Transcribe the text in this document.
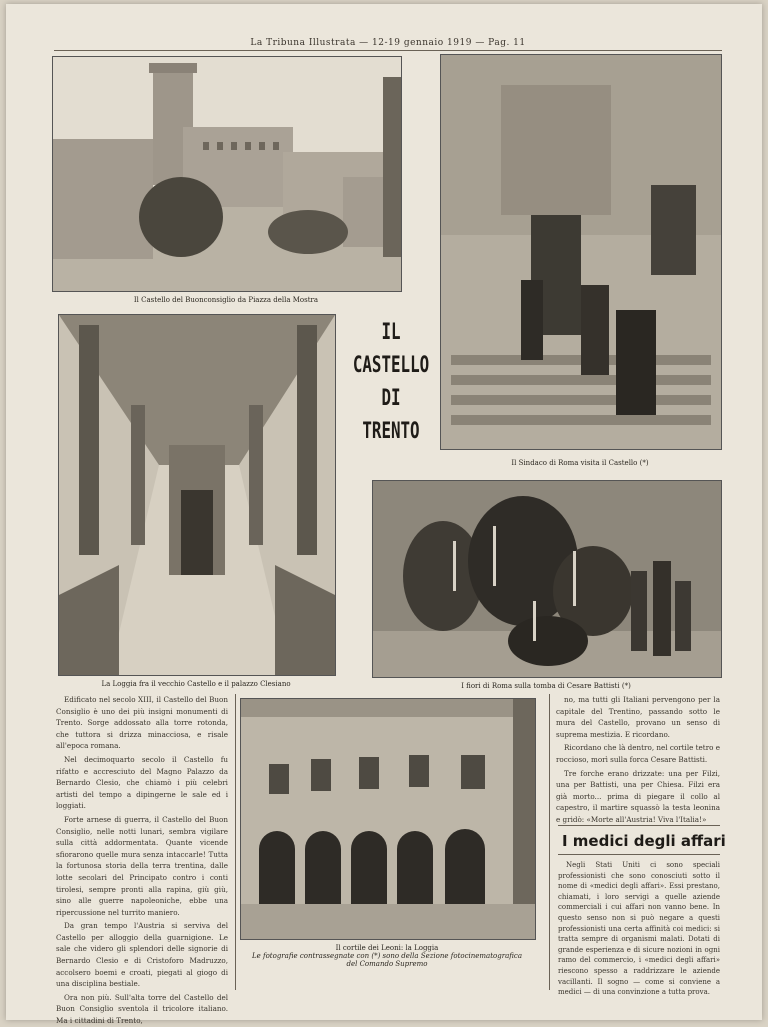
La Tribuna Illustrata — 12-19 gennaio 1919 — Pag. 11
Il Castello del Buonconsiglio da Piazza della Mostra
Il Sindaco di Roma visita il Castello (*)
La Loggia fra il vecchio Castello e il palazzo Clesiano
IL
CASTELLO
DI
TRENTO
I fiori di Roma sulla tomba di Cesare Battisti (*)
Il cortile dei Leoni: la Loggia
Le fotografie contrassegnate con (*) sono della Sezione fotocinematografica
del Comando Supremo

Edificato nel secolo XIII, il Castello del Buon Consiglio è uno dei più insigni monumenti di Trento. Sorge addossato alla torre rotonda, che tuttora si drizza minacciosa, e risale all'epoca romana.

Nel decimoquarto secolo il Castello fu rifatto e accresciuto del Magno Palazzo da Bernardo Clesio, che chiamò i più celebri artisti del tempo a dipingerne le sale ed i loggiati.

Forte arnese di guerra, il Castello del Buon Consiglio, nelle notti lunari, sembra vigilare sulla città addormentata. Quante vicende sfiorarono quelle mura senza intaccarle! Tutta la fortunosa storia della terra trentina, dalle lotte secolari del Principato contro i conti tirolesi, sempre pronti alla rapina, giù giù, sino alle guerre napoleoniche, ebbe una ripercussione nel turrito maniero.

Da gran tempo l'Austria si serviva del Castello per alloggio della guarnigione. Le sale che videro gli splendori delle signorie di Bernardo Clesio e di Cristoforo Madruzzo, accolsero boemi e croati, piegati al giogo di una disciplina bestiale.

Ora non più. Sull'alta torre del Castello del Buon Consiglio sventola il tricolore italiano. Ma i cittadini di Trento,

no, ma tutti gli Italiani pervengono per la capitale del Trentino, passando sotto le mura del Castello, provano un senso di suprema mestizia. E ricordano.

Ricordano che là dentro, nel cortile tetro e roccioso, morì sulla forca Cesare Battisti.

Tre forche erano drizzate: una per Filzi, una per Battisti, una per Chiesa. Filzi era già morto... prima di piegare il collo al capestro, il martire squassò la testa leonina e gridò: «Morte all'Austria! Viva l'Italia!»

I medici degli affari

Negli Stati Uniti ci sono speciali professionisti che sono conosciuti sotto il nome di «medici degli affari». Essi prestano, chiamati, i loro servigi a quelle aziende commerciali i cui affari non vanno bene. In questo senso non si può negare a questi professionisti una certa affinità coi medici: si tratta sempre di organismi malati. Dotati di grande esperienza e di sicure nozioni in ogni ramo del commercio, i «medici degli affari» riescono spesso a raddrizzare le aziende vacillanti. Il sogno — come si conviene a medici — di una convinzione a tutta prova.
